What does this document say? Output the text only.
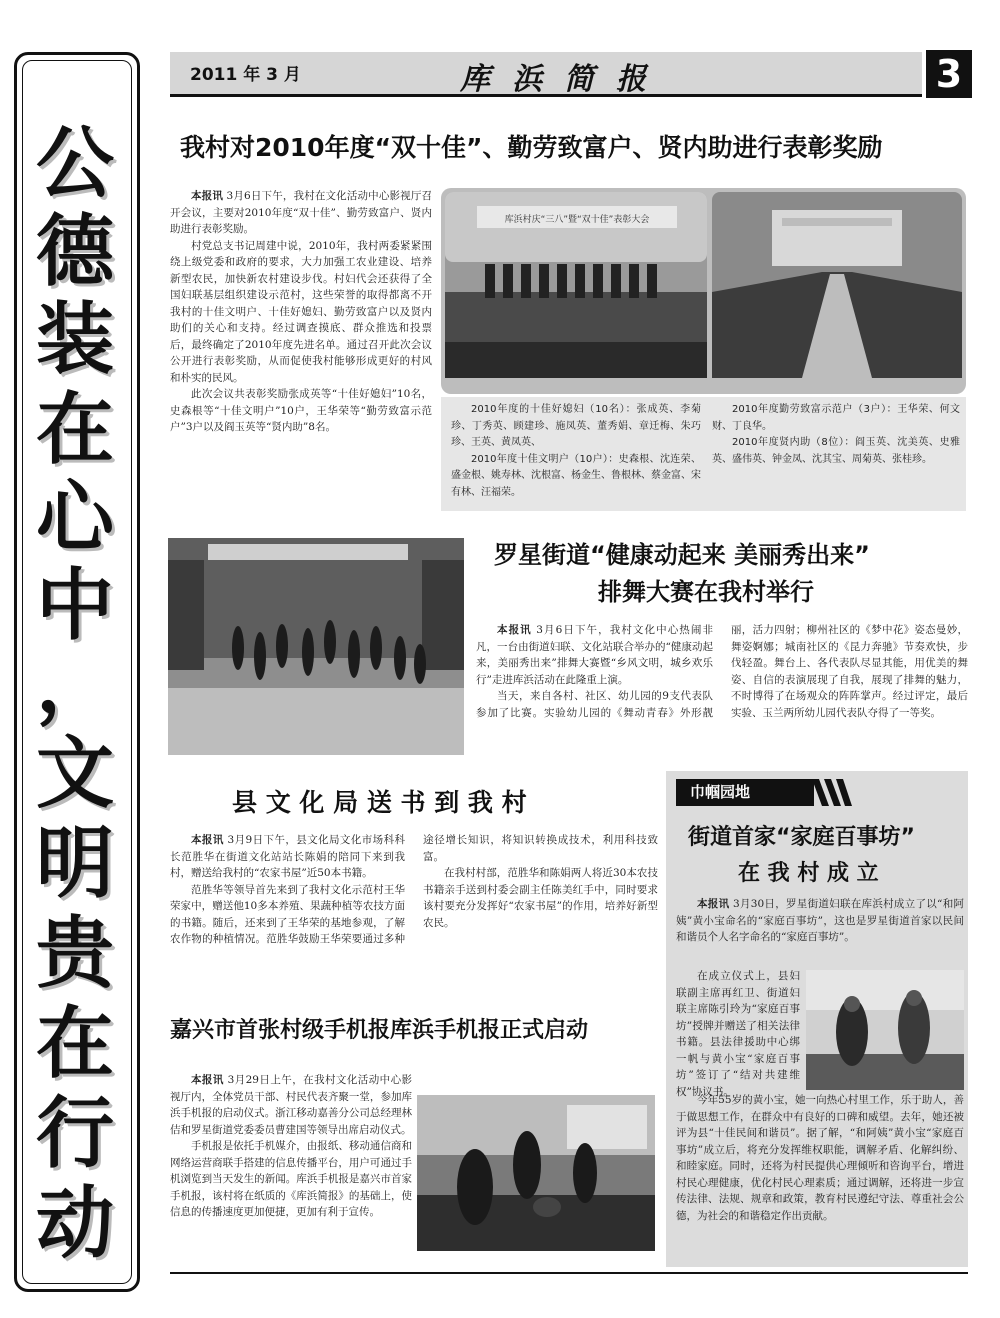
公
德
装
在
心
中
，
文
明
贵
在
行
动
2011 年 3 月	库浜简报	3
我村对2010年度“双十佳”、勤劳致富户、贤内助进行表彰奖励

本报讯 3月6日下午，我村在文化活动中心影视厅召开会议，主要对2010年度“双十佳”、勤劳致富户、贤内助进行表彰奖励。

村党总支书记周建中说，2010年，我村两委紧紧围绕上级党委和政府的要求，大力加强工农业建设、培养新型农民，加快新农村建设步伐。村妇代会还获得了全国妇联基层组织建设示范村，这些荣誉的取得都离不开我村的十佳文明户、十佳好媳妇、勤劳致富户以及贤内助们的关心和支持。经过调查摸底、群众推选和投票后，最终确定了2010年度先进名单。通过召开此次会议公开进行表彰奖励，从而促使我村能够形成更好的村风和朴实的民风。

此次会议共表彰奖励张成英等“十佳好媳妇”10名，史森根等“十佳文明户”10户，王华荣等“勤劳致富示范户”3户以及阎玉英等“贤内助”8名。

库浜村庆“三八”暨“双十佳”表彰大会

2010年度的十佳好媳妇（10名）：张成英、李菊珍、丁秀英、顾建珍、施凤英、董秀娟、章迁梅、朱巧珍、王英、黄凤英、

2010年度十佳文明户（10户）：史森根、沈连荣、盛金根、姚寿林、沈根富、杨金生、鲁根林、蔡金富、宋有林、汪福荣。

2010年度勤劳致富示范户（3户）：王华荣、何文财、丁良华。

2010年度贤内助（8位）：阎玉英、沈美英、史雅英、盛伟英、钟金凤、沈其宝、周菊英、张桂珍。

罗星街道“健康动起来 美丽秀出来”
排舞大赛在我村举行

本报讯 3月6日下午，我村文化中心热闹非凡，一台由街道妇联、文化站联合举办的“健康动起来，美丽秀出来”排舞大赛暨“乡风文明，城乡欢乐行”走进库浜活动在此隆重上演。

当天，来自各村、社区、幼儿园的9支代表队参加了比赛。实验幼儿园的《舞动青春》外形靓丽，活力四射；柳州社区的《梦中花》姿态曼妙，舞姿婀娜；城南社区的《昆力奔驰》节奏欢快，步伐轻盈。舞台上、各代表队尽显其能，用优美的舞姿、自信的表演展现了自我，展现了排舞的魅力，不时博得了在场观众的阵阵掌声。经过评定，最后实验、玉兰两所幼儿园代表队夺得了一等奖。

县 文 化 局 送 书 到 我 村

本报讯 3月9日下午，县文化局文化市场科科长范胜华在街道文化站站长陈娟的陪同下来到我村，赠送给我村的“农家书屋”近50本书籍。

范胜华等领导首先来到了我村文化示范村王华荣家中，赠送他10多本养殖、果蔬种植等农技方面的书籍。随后，还来到了王华荣的基地参观，了解农作物的种植情况。范胜华鼓励王华荣要通过多种途径增长知识，将知识转换成技术，利用科技致富。

在我村村部，范胜华和陈娟两人将近30本农技书籍亲手送到村委会副主任陈美红手中，同时要求该村要充分发挥好“农家书屋”的作用，培养好新型农民。

嘉兴市首张村级手机报库浜手机报正式启动

本报讯 3月29日上午，在我村文化活动中心影视厅内，全体党员干部、村民代表齐聚一堂，参加库浜手机报的启动仪式。浙江移动嘉善分公司总经理林佶和罗星街道党委委员曹建国等领导出席启动仪式。

手机报是依托手机媒介，由报纸、移动通信商和网络运营商联手搭建的信息传播平台，用户可通过手机浏览到当天发生的新闻。库浜手机报是嘉兴市首家手机报，该村将在纸质的《库浜简报》的基础上，使信息的传播速度更加便捷，更加有利于宣传。

巾帼园地
街道首家“家庭百事坊”
在 我 村 成 立

本报讯 3月30日，罗星街道妇联在库浜村成立了以“和阿姨”黄小宝命名的“家庭百事坊”，这也是罗星街道首家以民间和谐员个人名字命名的“家庭百事坊”。

在成立仪式上，县妇联副主席再红卫、街道妇联主席陈引玲为“家庭百事坊”授牌并赠送了相关法律书籍。县法律援助中心绑一帆与黄小宝“家庭百事坊”签订了“结对共建维权”协议书。

今年55岁的黄小宝，她一向热心村里工作，乐于助人，善于做思想工作，在群众中有良好的口碑和威望。去年，她还被评为县“十佳民间和谐员”。据了解，“和阿姨”黄小宝“家庭百事坊”成立后，将充分发挥维权职能，调解矛盾、化解纠纷、和睦家庭。同时，还将为村民提供心理倾听和咨询平台，增进村民心理健康，优化村民心理素质；通过调解，还将进一步宣传法律、法规、规章和政策，教育村民遵纪守法、尊重社会公德，为社会的和谐稳定作出贡献。
